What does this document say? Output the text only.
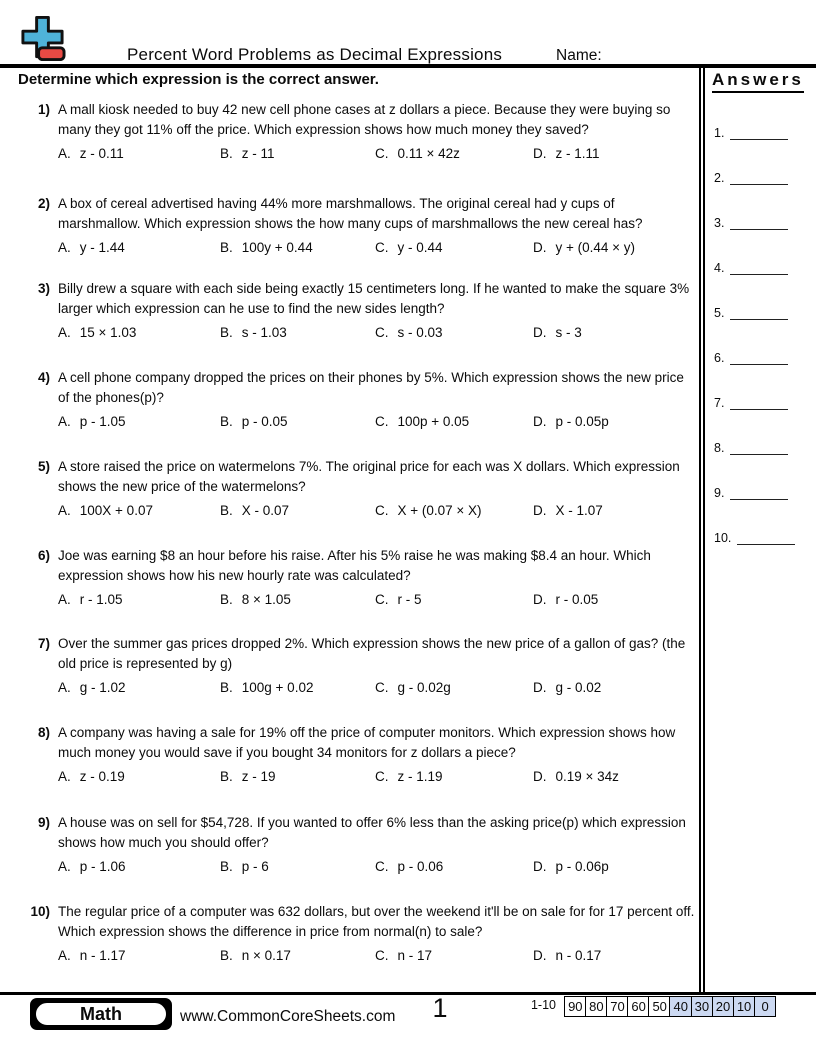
Percent Word Problems as Decimal Expressions	Name:
Determine which expression is the correct answer.
1) A mall kiosk needed to buy 42 new cell phone cases at z dollars a piece. Because they were buying so many they got 11% off the price. Which expression shows how much money they saved?
A. z - 0.11	B. z - 11	C. 0.11 × 42z	D. z - 1.11
2) A box of cereal advertised having 44% more marshmallows. The original cereal had y cups of marshmallow. Which expression shows the how many cups of marshmallows the new cereal has?
A. y - 1.44	B. 100y + 0.44	C. y - 0.44	D. y + (0.44 × y)
3) Billy drew a square with each side being exactly 15 centimeters long. If he wanted to make the square 3% larger which expression can he use to find the new sides length?
A. 15 × 1.03	B. s - 1.03	C. s - 0.03	D. s - 3
4) A cell phone company dropped the prices on their phones by 5%. Which expression shows the new price of the phones(p)?
A. p - 1.05	B. p - 0.05	C. 100p + 0.05	D. p - 0.05p
5) A store raised the price on watermelons 7%. The original price for each was X dollars. Which expression shows the new price of the watermelons?
A. 100X + 0.07	B. X - 0.07	C. X + (0.07 × X)	D. X - 1.07
6) Joe was earning $8 an hour before his raise. After his 5% raise he was making $8.4 an hour. Which expression shows how his new hourly rate was calculated?
A. r - 1.05	B. 8 × 1.05	C. r - 5	D. r - 0.05
7) Over the summer gas prices dropped 2%. Which expression shows the new price of a gallon of gas? (the old price is represented by g)
A. g - 1.02	B. 100g + 0.02	C. g - 0.02g	D. g - 0.02
8) A company was having a sale for 19% off the price of computer monitors. Which expression shows how much money you would save if you bought 34 monitors for z dollars a piece?
A. z - 0.19	B. z - 19	C. z - 1.19	D. 0.19 × 34z
9) A house was on sell for $54,728. If you wanted to offer 6% less than the asking price(p) which expression shows how much you should offer?
A. p - 1.06	B. p - 6	C. p - 0.06	D. p - 0.06p
10) The regular price of a computer was 632 dollars, but over the weekend it'll be on sale for for 17 percent off. Which expression shows the difference in price from normal(n) to sale?
A. n - 1.17	B. n × 0.17	C. n - 17	D. n - 0.17
Answers
1.
2.
3.
4.
5.
6.
7.
8.
9.
10.
Math	www.CommonCoreSheets.com	1	1-10 90 80 70 60 50 40 30 20 10 0
